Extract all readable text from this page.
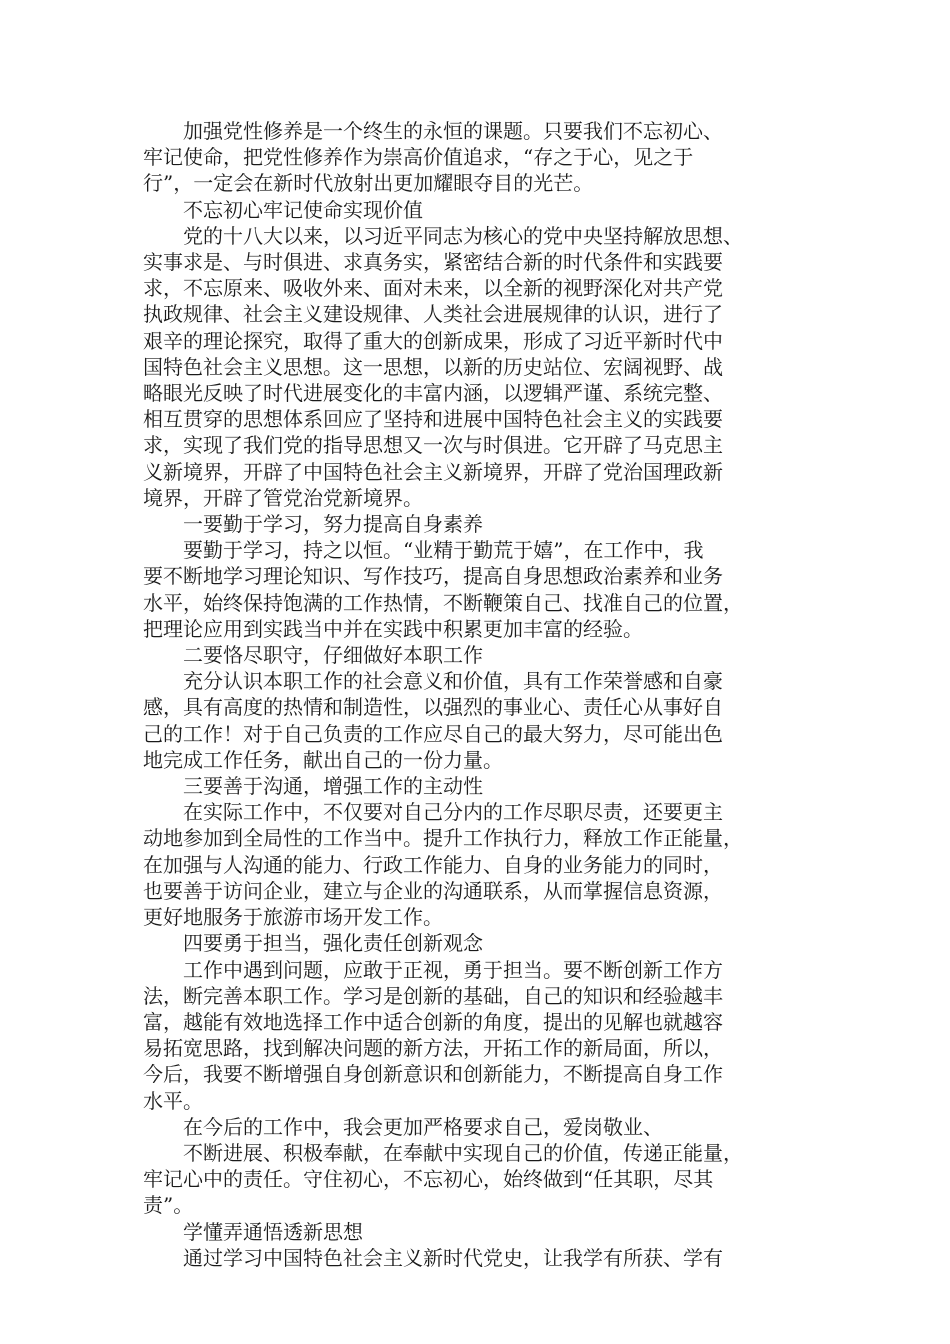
加强党性修养是一个终生的永恒的课题。只要我们不忘初心、
牢记使命，把党性修养作为崇高价值追求，“存之于心，见之于
行”，一定会在新时代放射出更加耀眼夺目的光芒。

不忘初心牢记使命实现价值

党的十八大以来，以习近平同志为核心的党中央坚持解放思想、
实事求是、与时俱进、求真务实，紧密结合新的时代条件和实践要
求，不忘原来、吸收外来、面对未来，以全新的视野深化对共产党
执政规律、社会主义建设规律、人类社会进展规律的认识，进行了
艰辛的理论探究，取得了重大的创新成果，形成了习近平新时代中
国特色社会主义思想。这一思想，以新的历史站位、宏阔视野、战
略眼光反映了时代进展变化的丰富内涵，以逻辑严谨、系统完整、
相互贯穿的思想体系回应了坚持和进展中国特色社会主义的实践要
求，实现了我们党的指导思想又一次与时俱进。它开辟了马克思主
义新境界，开辟了中国特色社会主义新境界，开辟了党治国理政新
境界，开辟了管党治党新境界。

一要勤于学习，努力提高自身素养

要勤于学习，持之以恒。“业精于勤荒于嬉”，在工作中，我
要不断地学习理论知识、写作技巧，提高自身思想政治素养和业务
水平，始终保持饱满的工作热情，不断鞭策自己、找准自己的位置，
把理论应用到实践当中并在实践中积累更加丰富的经验。

二要恪尽职守，仔细做好本职工作

充分认识本职工作的社会意义和价值，具有工作荣誉感和自豪
感，具有高度的热情和制造性，以强烈的事业心、责任心从事好自
己的工作！对于自己负责的工作应尽自己的最大努力，尽可能出色
地完成工作任务，献出自己的一份力量。

三要善于沟通，增强工作的主动性

在实际工作中，不仅要对自己分内的工作尽职尽责，还要更主
动地参加到全局性的工作当中。提升工作执行力，释放工作正能量，
在加强与人沟通的能力、行政工作能力、自身的业务能力的同时，
也要善于访问企业，建立与企业的沟通联系，从而掌握信息资源，
更好地服务于旅游市场开发工作。

四要勇于担当，强化责任创新观念

工作中遇到问题，应敢于正视，勇于担当。要不断创新工作方
法，断完善本职工作。学习是创新的基础，自己的知识和经验越丰
富，越能有效地选择工作中适合创新的角度，提出的见解也就越容
易拓宽思路，找到解决问题的新方法，开拓工作的新局面，所以，
今后，我要不断增强自身创新意识和创新能力，不断提高自身工作
水平。

在今后的工作中，我会更加严格要求自己，爱岗敬业、

不断进展、积极奉献，在奉献中实现自己的价值，传递正能量，
牢记心中的责任。守住初心，不忘初心，始终做到“任其职，尽其
责”。

学懂弄通悟透新思想

通过学习中国特色社会主义新时代党史，让我学有所获、学有
